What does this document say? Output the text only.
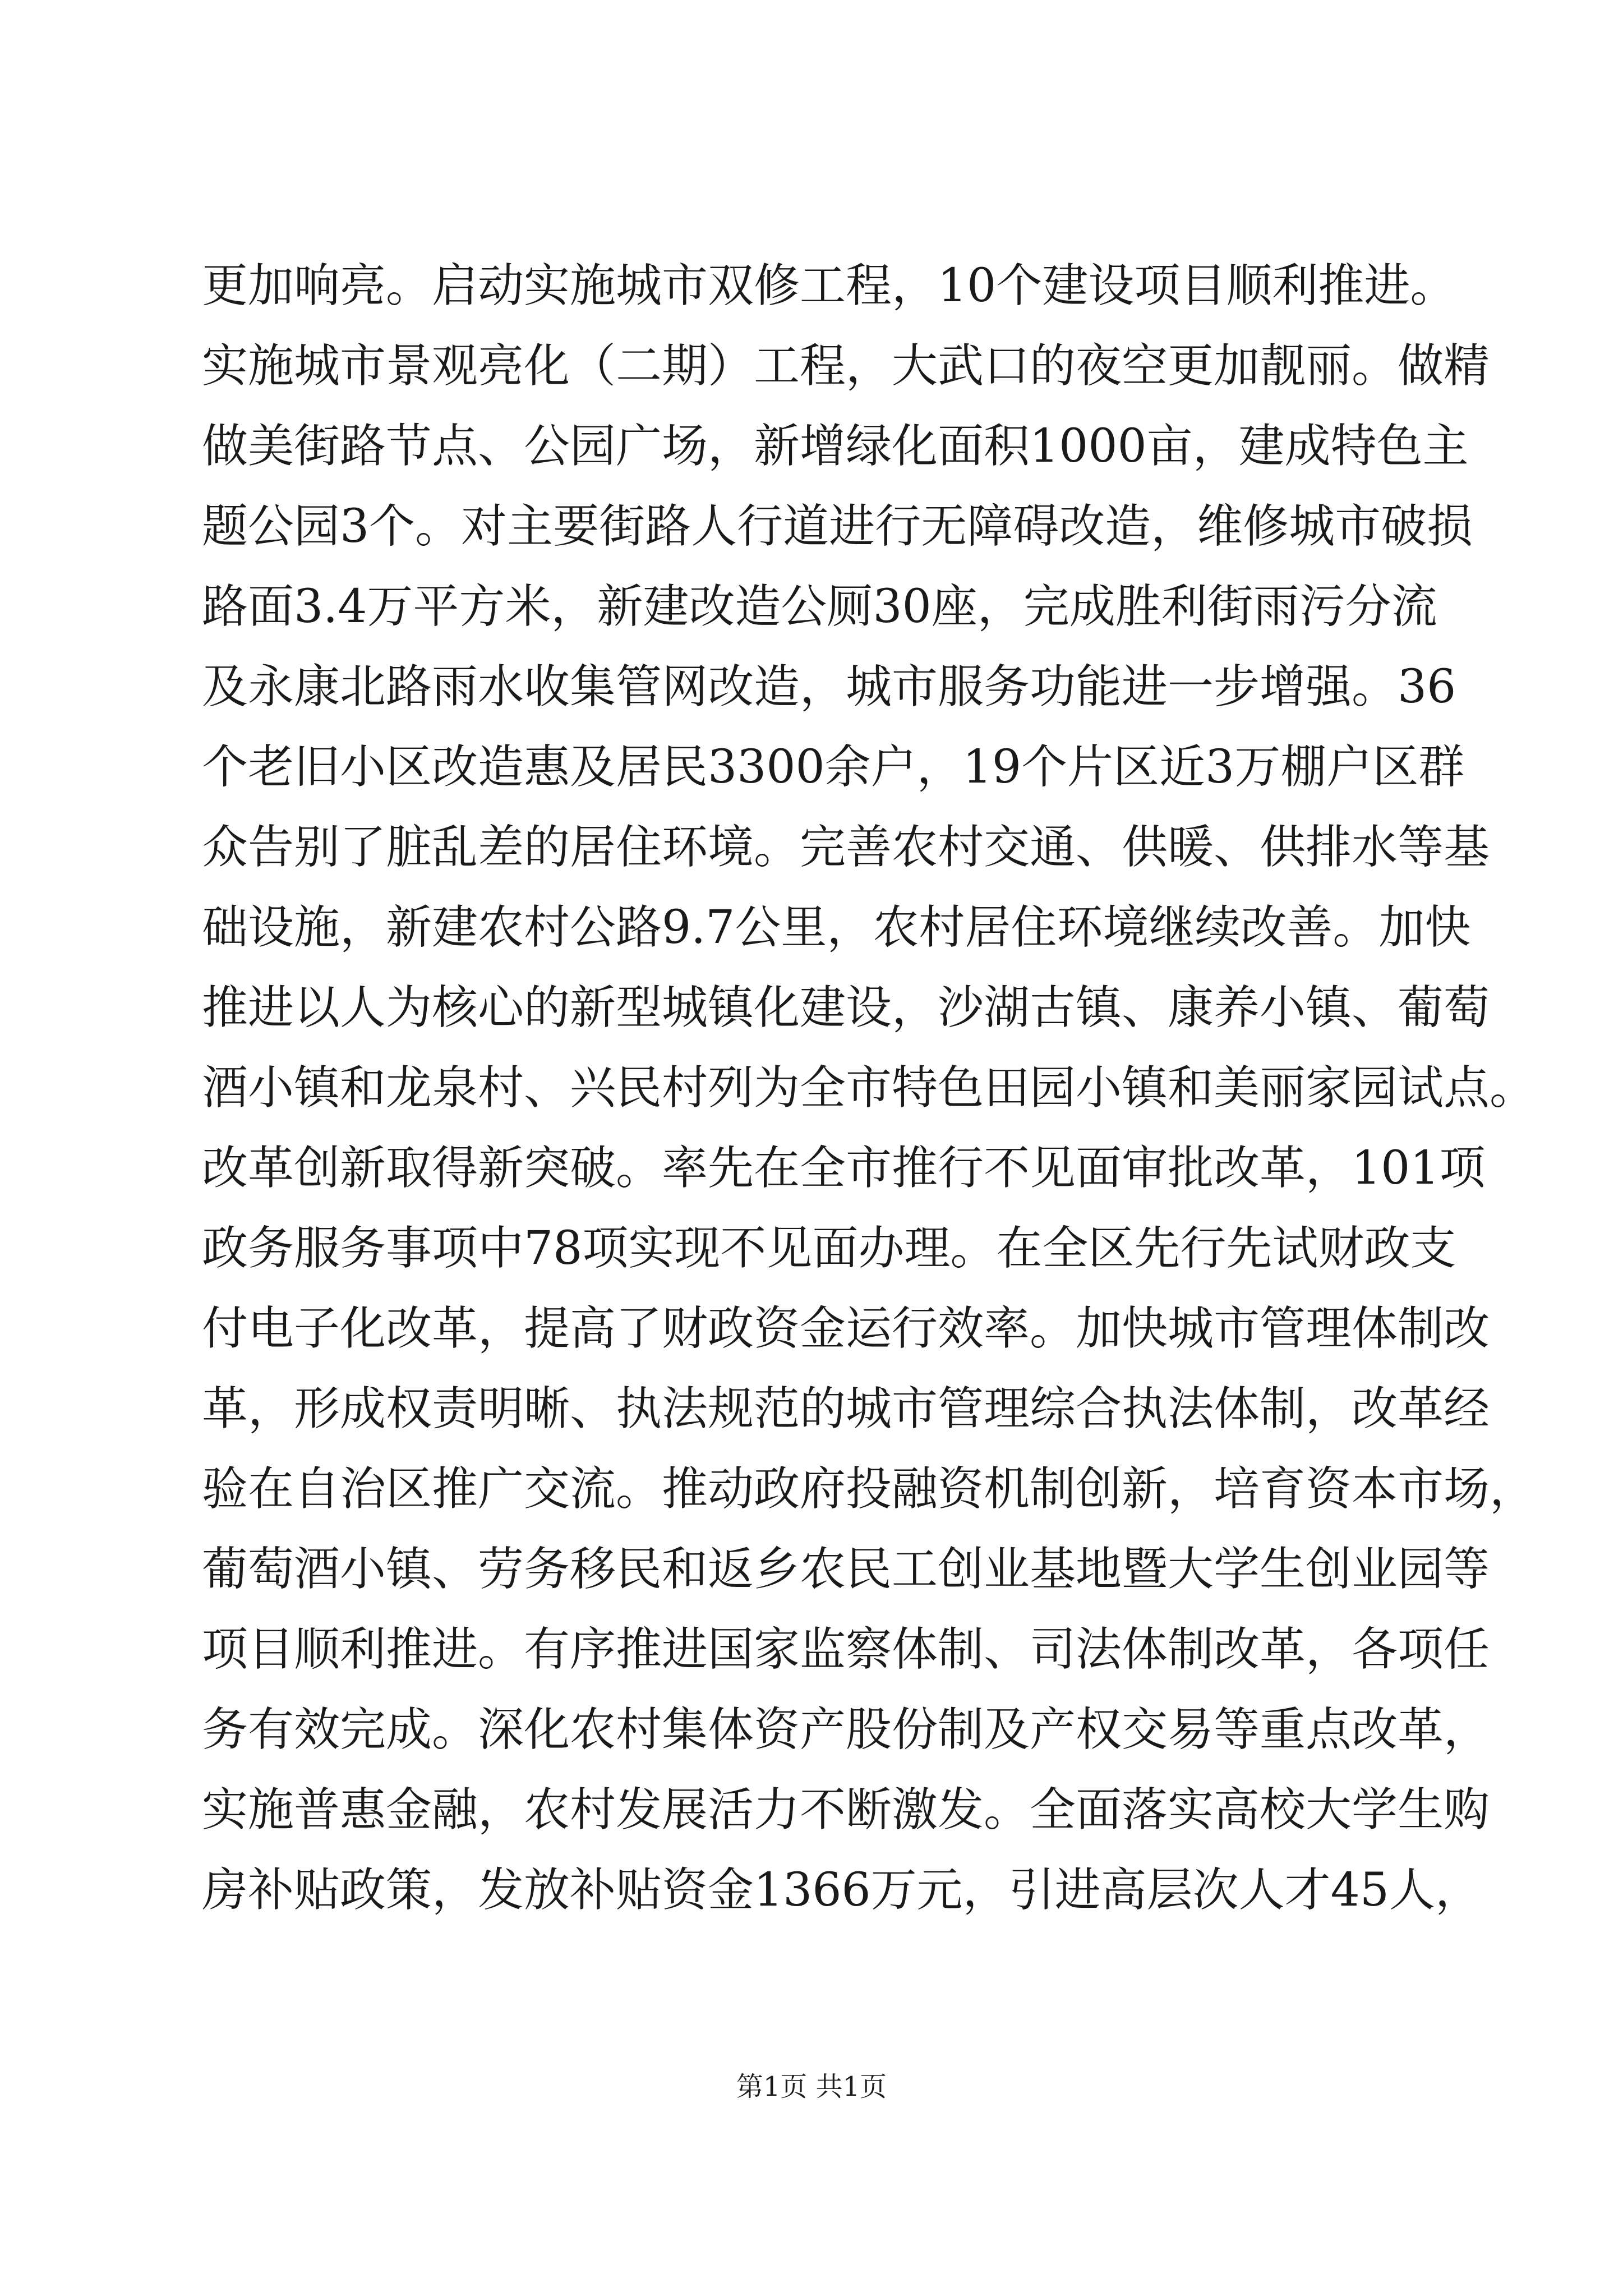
更加响亮。启动实施城市双修工程，10个建设项目顺利推进。
实施城市景观亮化（二期）工程，大武口的夜空更加靓丽。做精
做美街路节点、公园广场，新增绿化面积1000亩，建成特色主
题公园3个。对主要街路人行道进行无障碍改造，维修城市破损
路面3.4万平方米，新建改造公厕30座，完成胜利街雨污分流
及永康北路雨水收集管网改造，城市服务功能进一步增强。36
个老旧小区改造惠及居民3300余户，19个片区近3万棚户区群
众告别了脏乱差的居住环境。完善农村交通、供暖、供排水等基
础设施，新建农村公路9.7公里，农村居住环境继续改善。加快
推进以人为核心的新型城镇化建设，沙湖古镇、康养小镇、葡萄
酒小镇和龙泉村、兴民村列为全市特色田园小镇和美丽家园试点。
改革创新取得新突破。率先在全市推行不见面审批改革，101项
政务服务事项中78项实现不见面办理。在全区先行先试财政支
付电子化改革，提高了财政资金运行效率。加快城市管理体制改
革，形成权责明晰、执法规范的城市管理综合执法体制，改革经
验在自治区推广交流。推动政府投融资机制创新，培育资本市场，
葡萄酒小镇、劳务移民和返乡农民工创业基地暨大学生创业园等
项目顺利推进。有序推进国家监察体制、司法体制改革，各项任
务有效完成。深化农村集体资产股份制及产权交易等重点改革，
实施普惠金融，农村发展活力不断激发。全面落实高校大学生购
房补贴政策，发放补贴资金1366万元，引进高层次人才45人，
第1页 共1页
